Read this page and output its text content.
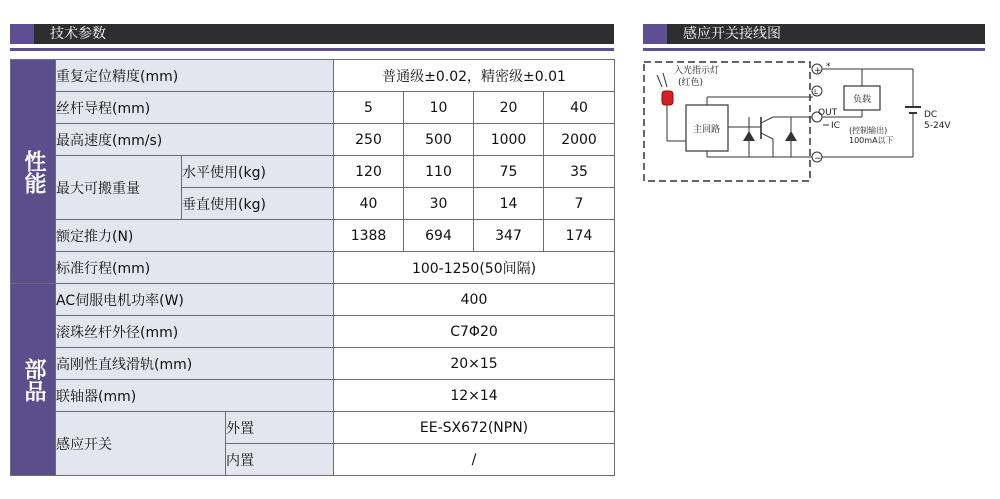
技术参数	感应开关接线图
性能	重复定位精度(mm)			普通级±0.02，精密级±0.01			
	丝杆导程(mm)			5	10	20	40
	最高速度(mm/s)			250	500	1000	2000
	最大可搬重量	水平使用(kg)		120	110	75	35
		垂直使用(kg)		40	30	14	7
	额定推力(N)			1388	694	347	174
	标准行程(mm)			100-1250(50间隔)			
部品	AC伺服电机功率(W)			400			
	滚珠丝杆外径(mm)			C7Φ20			
	高刚性直线滑轨(mm)			20×15			
	联轴器(mm)			12×14			
	感应开关		外置	EE-SX672(NPN)			
			内置	/			
入光指示灯
(红色)
主回路
+ *
L
−
负载
DC
5-24V
OUT
IC (控制输出)
100mA以下
